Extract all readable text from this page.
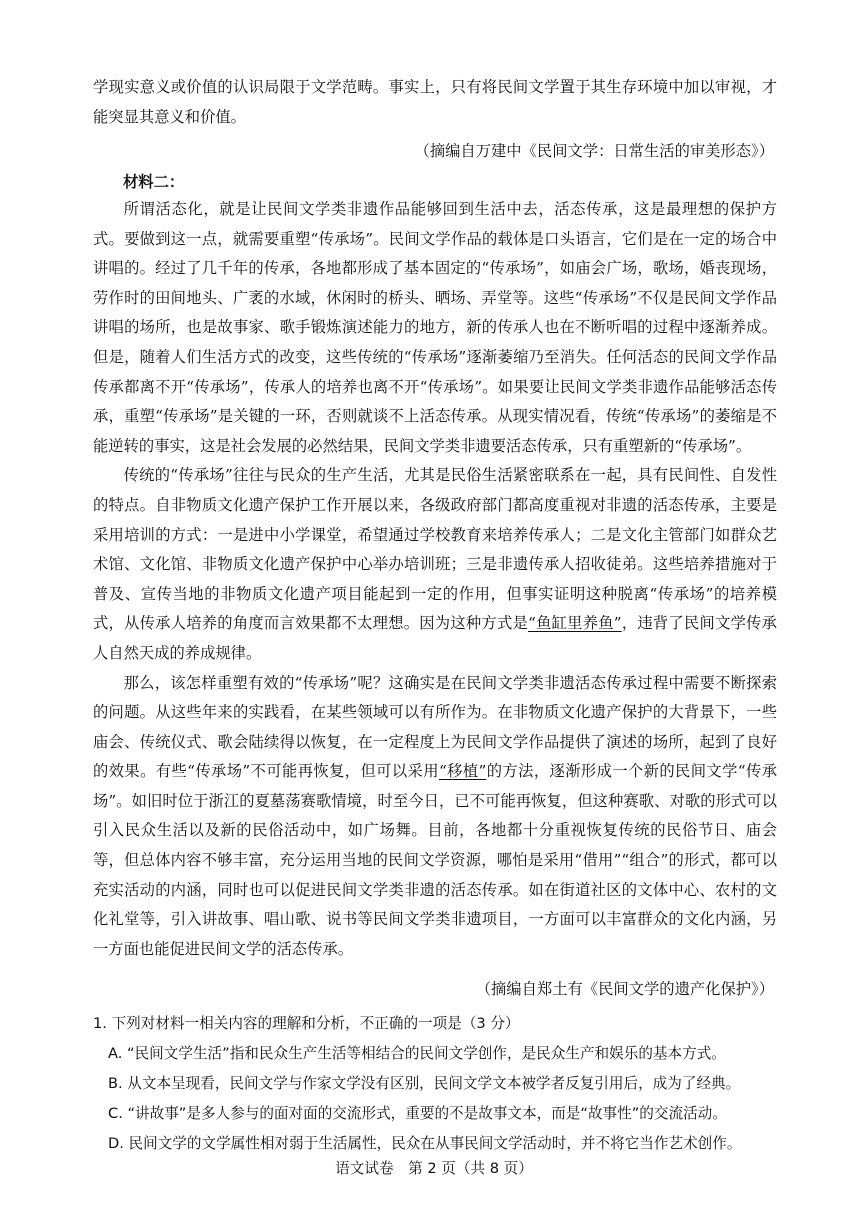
学现实意义或价值的认识局限于文学范畴。事实上，只有将民间文学置于其生存环境中加以审视，才能突显其意义和价值。

（摘编自万建中《民间文学：日常生活的审美形态》）
材料二：

所谓活态化，就是让民间文学类非遗作品能够回到生活中去，活态传承，这是最理想的保护方式。要做到这一点，就需要重塑“传承场”。民间文学作品的载体是口头语言，它们是在一定的场合中讲唱的。经过了几千年的传承，各地都形成了基本固定的“传承场”，如庙会广场，歌场，婚丧现场，劳作时的田间地头、广袤的水域，休闲时的桥头、晒场、弄堂等。这些“传承场”不仅是民间文学作品讲唱的场所，也是故事家、歌手锻炼演述能力的地方，新的传承人也在不断听唱的过程中逐渐养成。但是，随着人们生活方式的改变，这些传统的“传承场”逐渐萎缩乃至消失。任何活态的民间文学作品传承都离不开“传承场”，传承人的培养也离不开“传承场”。如果要让民间文学类非遗作品能够活态传承，重塑“传承场”是关键的一环，否则就谈不上活态传承。从现实情况看，传统“传承场”的萎缩是不能逆转的事实，这是社会发展的必然结果，民间文学类非遗要活态传承，只有重塑新的“传承场”。

传统的“传承场”往往与民众的生产生活，尤其是民俗生活紧密联系在一起，具有民间性、自发性的特点。自非物质文化遗产保护工作开展以来，各级政府部门都高度重视对非遗的活态传承，主要是采用培训的方式：一是进中小学课堂，希望通过学校教育来培养传承人；二是文化主管部门如群众艺术馆、文化馆、非物质文化遗产保护中心举办培训班；三是非遗传承人招收徒弟。这些培养措施对于普及、宣传当地的非物质文化遗产项目能起到一定的作用，但事实证明这种脱离“传承场”的培养模式，从传承人培养的角度而言效果都不太理想。因为这种方式是“鱼缸里养鱼”，违背了民间文学传承人自然天成的养成规律。

那么，该怎样重塑有效的“传承场”呢？这确实是在民间文学类非遗活态传承过程中需要不断探索的问题。从这些年来的实践看，在某些领域可以有所作为。在非物质文化遗产保护的大背景下，一些庙会、传统仪式、歌会陆续得以恢复，在一定程度上为民间文学作品提供了演述的场所，起到了良好的效果。有些“传承场”不可能再恢复，但可以采用“移植”的方法，逐渐形成一个新的民间文学“传承场”。如旧时位于浙江的夏墓荡赛歌情境，时至今日，已不可能再恢复，但这种赛歌、对歌的形式可以引入民众生活以及新的民俗活动中，如广场舞。目前，各地都十分重视恢复传统的民俗节日、庙会等，但总体内容不够丰富，充分运用当地的民间文学资源，哪怕是采用“借用”“组合”的形式，都可以充实活动的内涵，同时也可以促进民间文学类非遗的活态传承。如在街道社区的文体中心、农村的文化礼堂等，引入讲故事、唱山歌、说书等民间文学类非遗项目，一方面可以丰富群众的文化内涵，另一方面也能促进民间文学的活态传承。

（摘编自郑土有《民间文学的遗产化保护》）
1. 下列对材料一相关内容的理解和分析，不正确的一项是（3 分）
A. “民间文学生活”指和民众生产生活等相结合的民间文学创作，是民众生产和娱乐的基本方式。
B. 从文本呈现看，民间文学与作家文学没有区别，民间文学文本被学者反复引用后，成为了经典。
C. “讲故事”是多人参与的面对面的交流形式，重要的不是故事文本，而是“故事性”的交流活动。
D. 民间文学的文学属性相对弱于生活属性，民众在从事民间文学活动时，并不将它当作艺术创作。
语文试卷　第 2 页（共 8 页）
